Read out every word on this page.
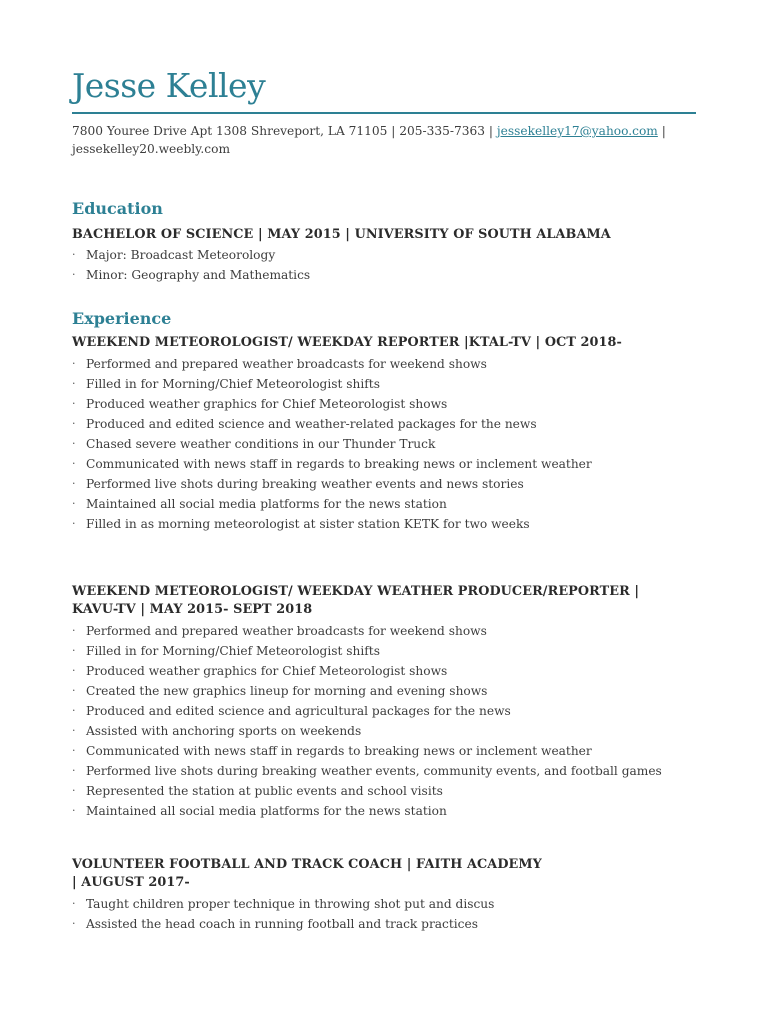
Jesse Kelley
7800 Youree Drive Apt 1308 Shreveport, LA 71105 | 205-335-7363 | jessekelley17@yahoo.com |
jessekelley20.weebly.com
Education
BACHELOR OF SCIENCE | MAY 2015 | UNIVERSITY OF SOUTH ALABAMA
· Major: Broadcast Meteorology
· Minor: Geography and Mathematics
Experience
WEEKEND METEOROLOGIST/ WEEKDAY REPORTER |KTAL-TV | OCT 2018-
· Performed and prepared weather broadcasts for weekend shows
· Filled in for Morning/Chief Meteorologist shifts
· Produced weather graphics for Chief Meteorologist shows
· Produced and edited science and weather-related packages for the news
· Chased severe weather conditions in our Thunder Truck
· Communicated with news staff in regards to breaking news or inclement weather
· Performed live shots during breaking weather events and news stories
· Maintained all social media platforms for the news station
· Filled in as morning meteorologist at sister station KETK for two weeks
WEEKEND METEOROLOGIST/ WEEKDAY WEATHER PRODUCER/REPORTER |
KAVU-TV | MAY 2015- SEPT 2018
· Performed and prepared weather broadcasts for weekend shows
· Filled in for Morning/Chief Meteorologist shifts
· Produced weather graphics for Chief Meteorologist shows
· Created the new graphics lineup for morning and evening shows
· Produced and edited science and agricultural packages for the news
· Assisted with anchoring sports on weekends
· Communicated with news staff in regards to breaking news or inclement weather
· Performed live shots during breaking weather events, community events, and football games
· Represented the station at public events and school visits
· Maintained all social media platforms for the news station
VOLUNTEER FOOTBALL AND TRACK COACH | FAITH ACADEMY
| AUGUST 2017-
· Taught children proper technique in throwing shot put and discus
· Assisted the head coach in running football and track practices
